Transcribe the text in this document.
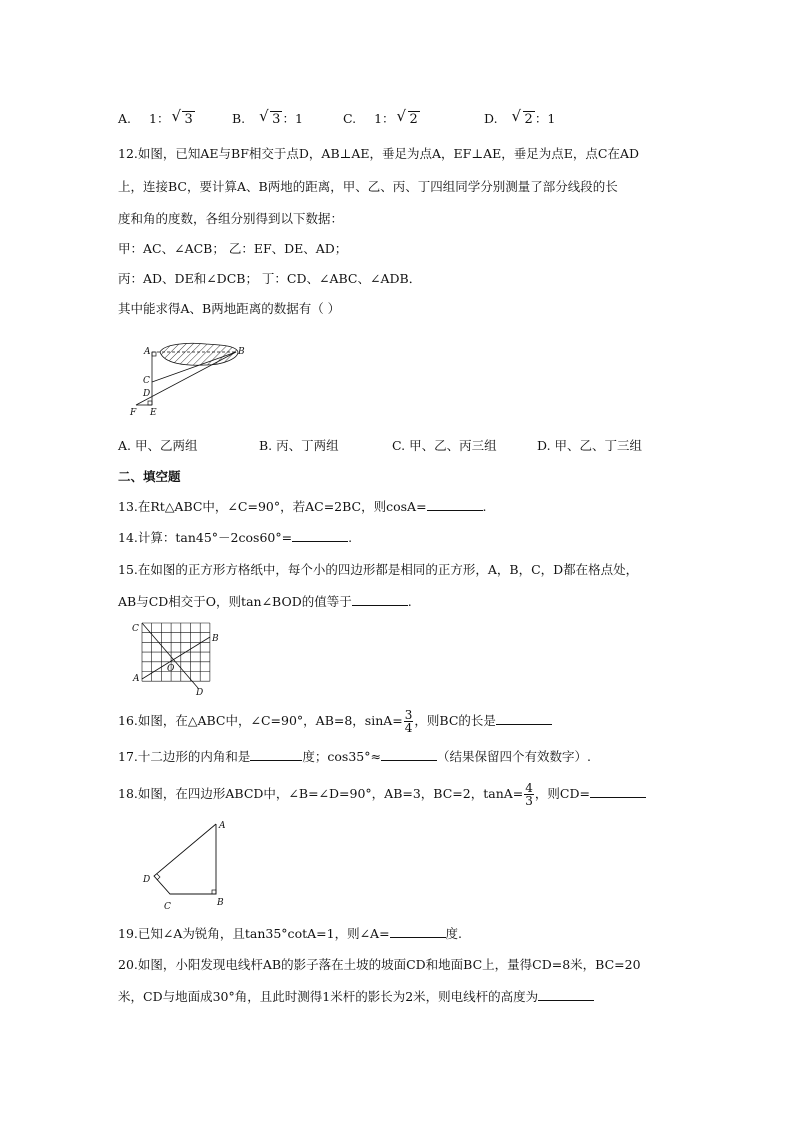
A. 1： √ 3	B. √ 3 ：1	C. 1： √ 2	D. √ 2 ：1
12.如图，已知AE与BF相交于点D，AB⊥AE，垂足为点A，EF⊥AE，垂足为点E，点C在AD
上，连接BC，要计算A、B两地的距离，甲、乙、丙、丁四组同学分别测量了部分线段的长
度和角的度数，各组分别得到以下数据：
甲：AC、∠ACB； 乙：EF、DE、AD；
丙：AD、DE和∠DCB； 丁：CD、∠ABC、∠ADB．
其中能求得A、B两地距离的数据有（ ）
A	B
C
D
E
F
A. 甲、乙两组	B. 丙、丁两组	C. 甲、乙、丙三组	D. 甲、乙、丁三组
二、填空题
13.在Rt△ABC中，∠C=90°，若AC=2BC，则cosA=	.
14.计算：tan45°－2cos60°=	.
15.在如图的正方形方格纸中，每个小的四边形都是相同的正方形，A，B，C，D都在格点处，
AB与CD相交于O，则tan∠BOD的值等于	.
C
B
A
D
O
16.如图，在△ABC中，∠C=90°，AB=8，$\sin A= \frac{3}{4}$ ，则BC的长是
17.十二边形的内角和是	度；cos35°≈	（结果保留四个有效数字）.
18.如图，在四边形ABCD中，∠B=∠D=90°，AB=3，BC=2，$\tan A= \frac{4}{3}$ ，则CD=
A
B
C
D
19.已知∠A为锐角，且tan35°cotA=1，则∠A=	度.
20.如图，小阳发现电线杆AB的影子落在土坡的坡面CD和地面BC上，量得CD=8米，BC=20
米，CD与地面成30°角，且此时测得1米杆的影长为2米，则电线杆的高度为
